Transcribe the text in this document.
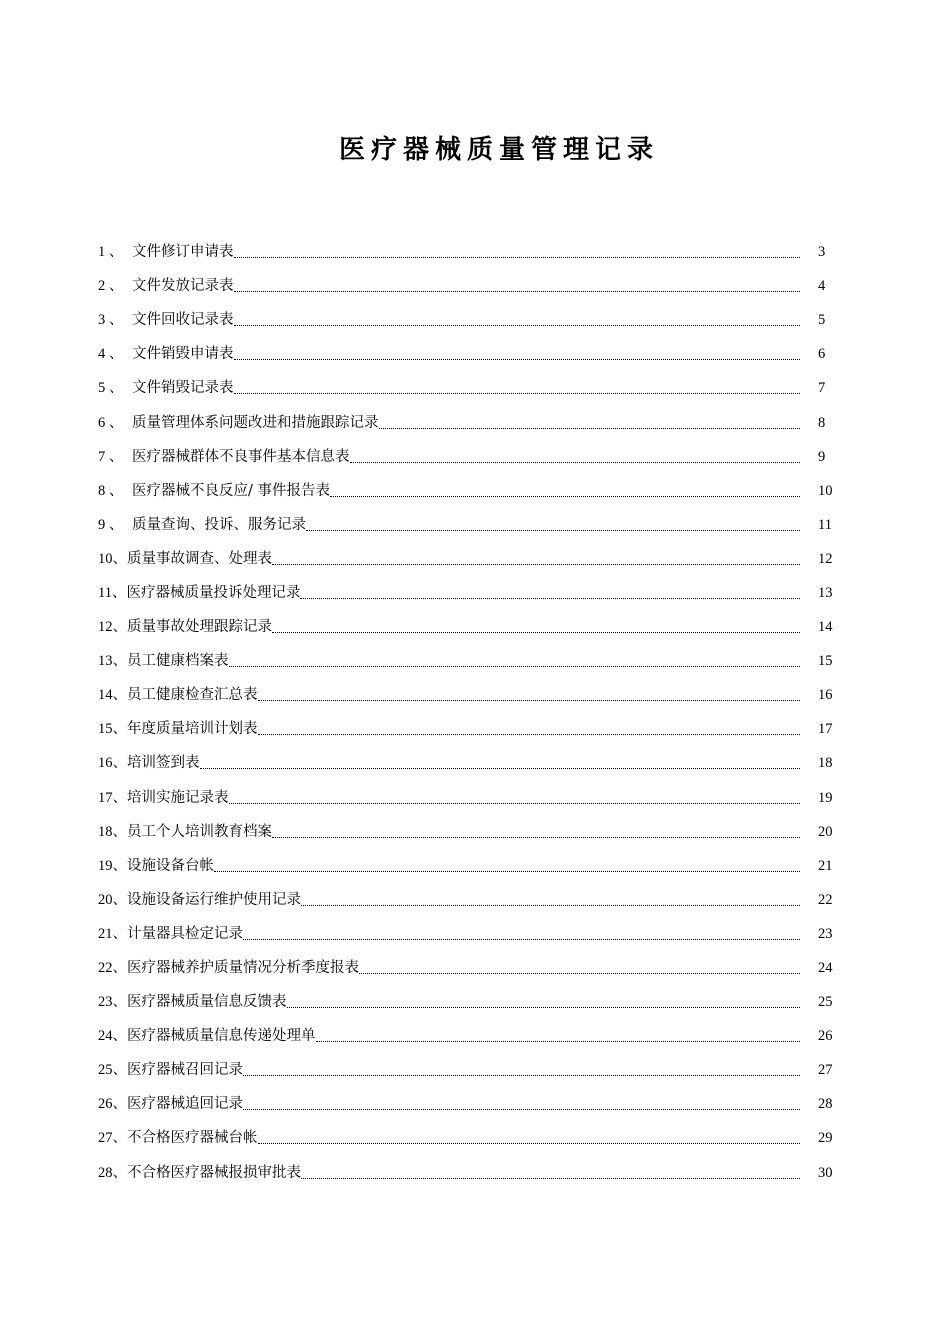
医疗器械质量管理记录
1 、 文件修订申请表	3
2 、 文件发放记录表	4
3 、 文件回收记录表	5
4 、 文件销毁申请表	6
5 、 文件销毁记录表	7
6 、 质量管理体系问题改进和措施跟踪记录	8
7 、 医疗器械群体不良事件基本信息表	9
8 、 医疗器械不良反应/ 事件报告表	10
9 、 质量查询、投诉、服务记录	11
10、 质量事故调查、处理表	12
11、 医疗器械质量投诉处理记录	13
12、 质量事故处理跟踪记录	14
13、 员工健康档案表	15
14、 员工健康检查汇总表	16
15、 年度质量培训计划表	17
16、 培训签到表	18
17、 培训实施记录表	19
18、 员工个人培训教育档案	20
19、 设施设备台帐	21
20、 设施设备运行维护使用记录	22
21、 计量器具检定记录	23
22、 医疗器械养护质量情况分析季度报表	24
23、 医疗器械质量信息反馈表	25
24、 医疗器械质量信息传递处理单	26
25、 医疗器械召回记录	27
26、 医疗器械追回记录	28
27、 不合格医疗器械台帐	29
28、 不合格医疗器械报损审批表	30
